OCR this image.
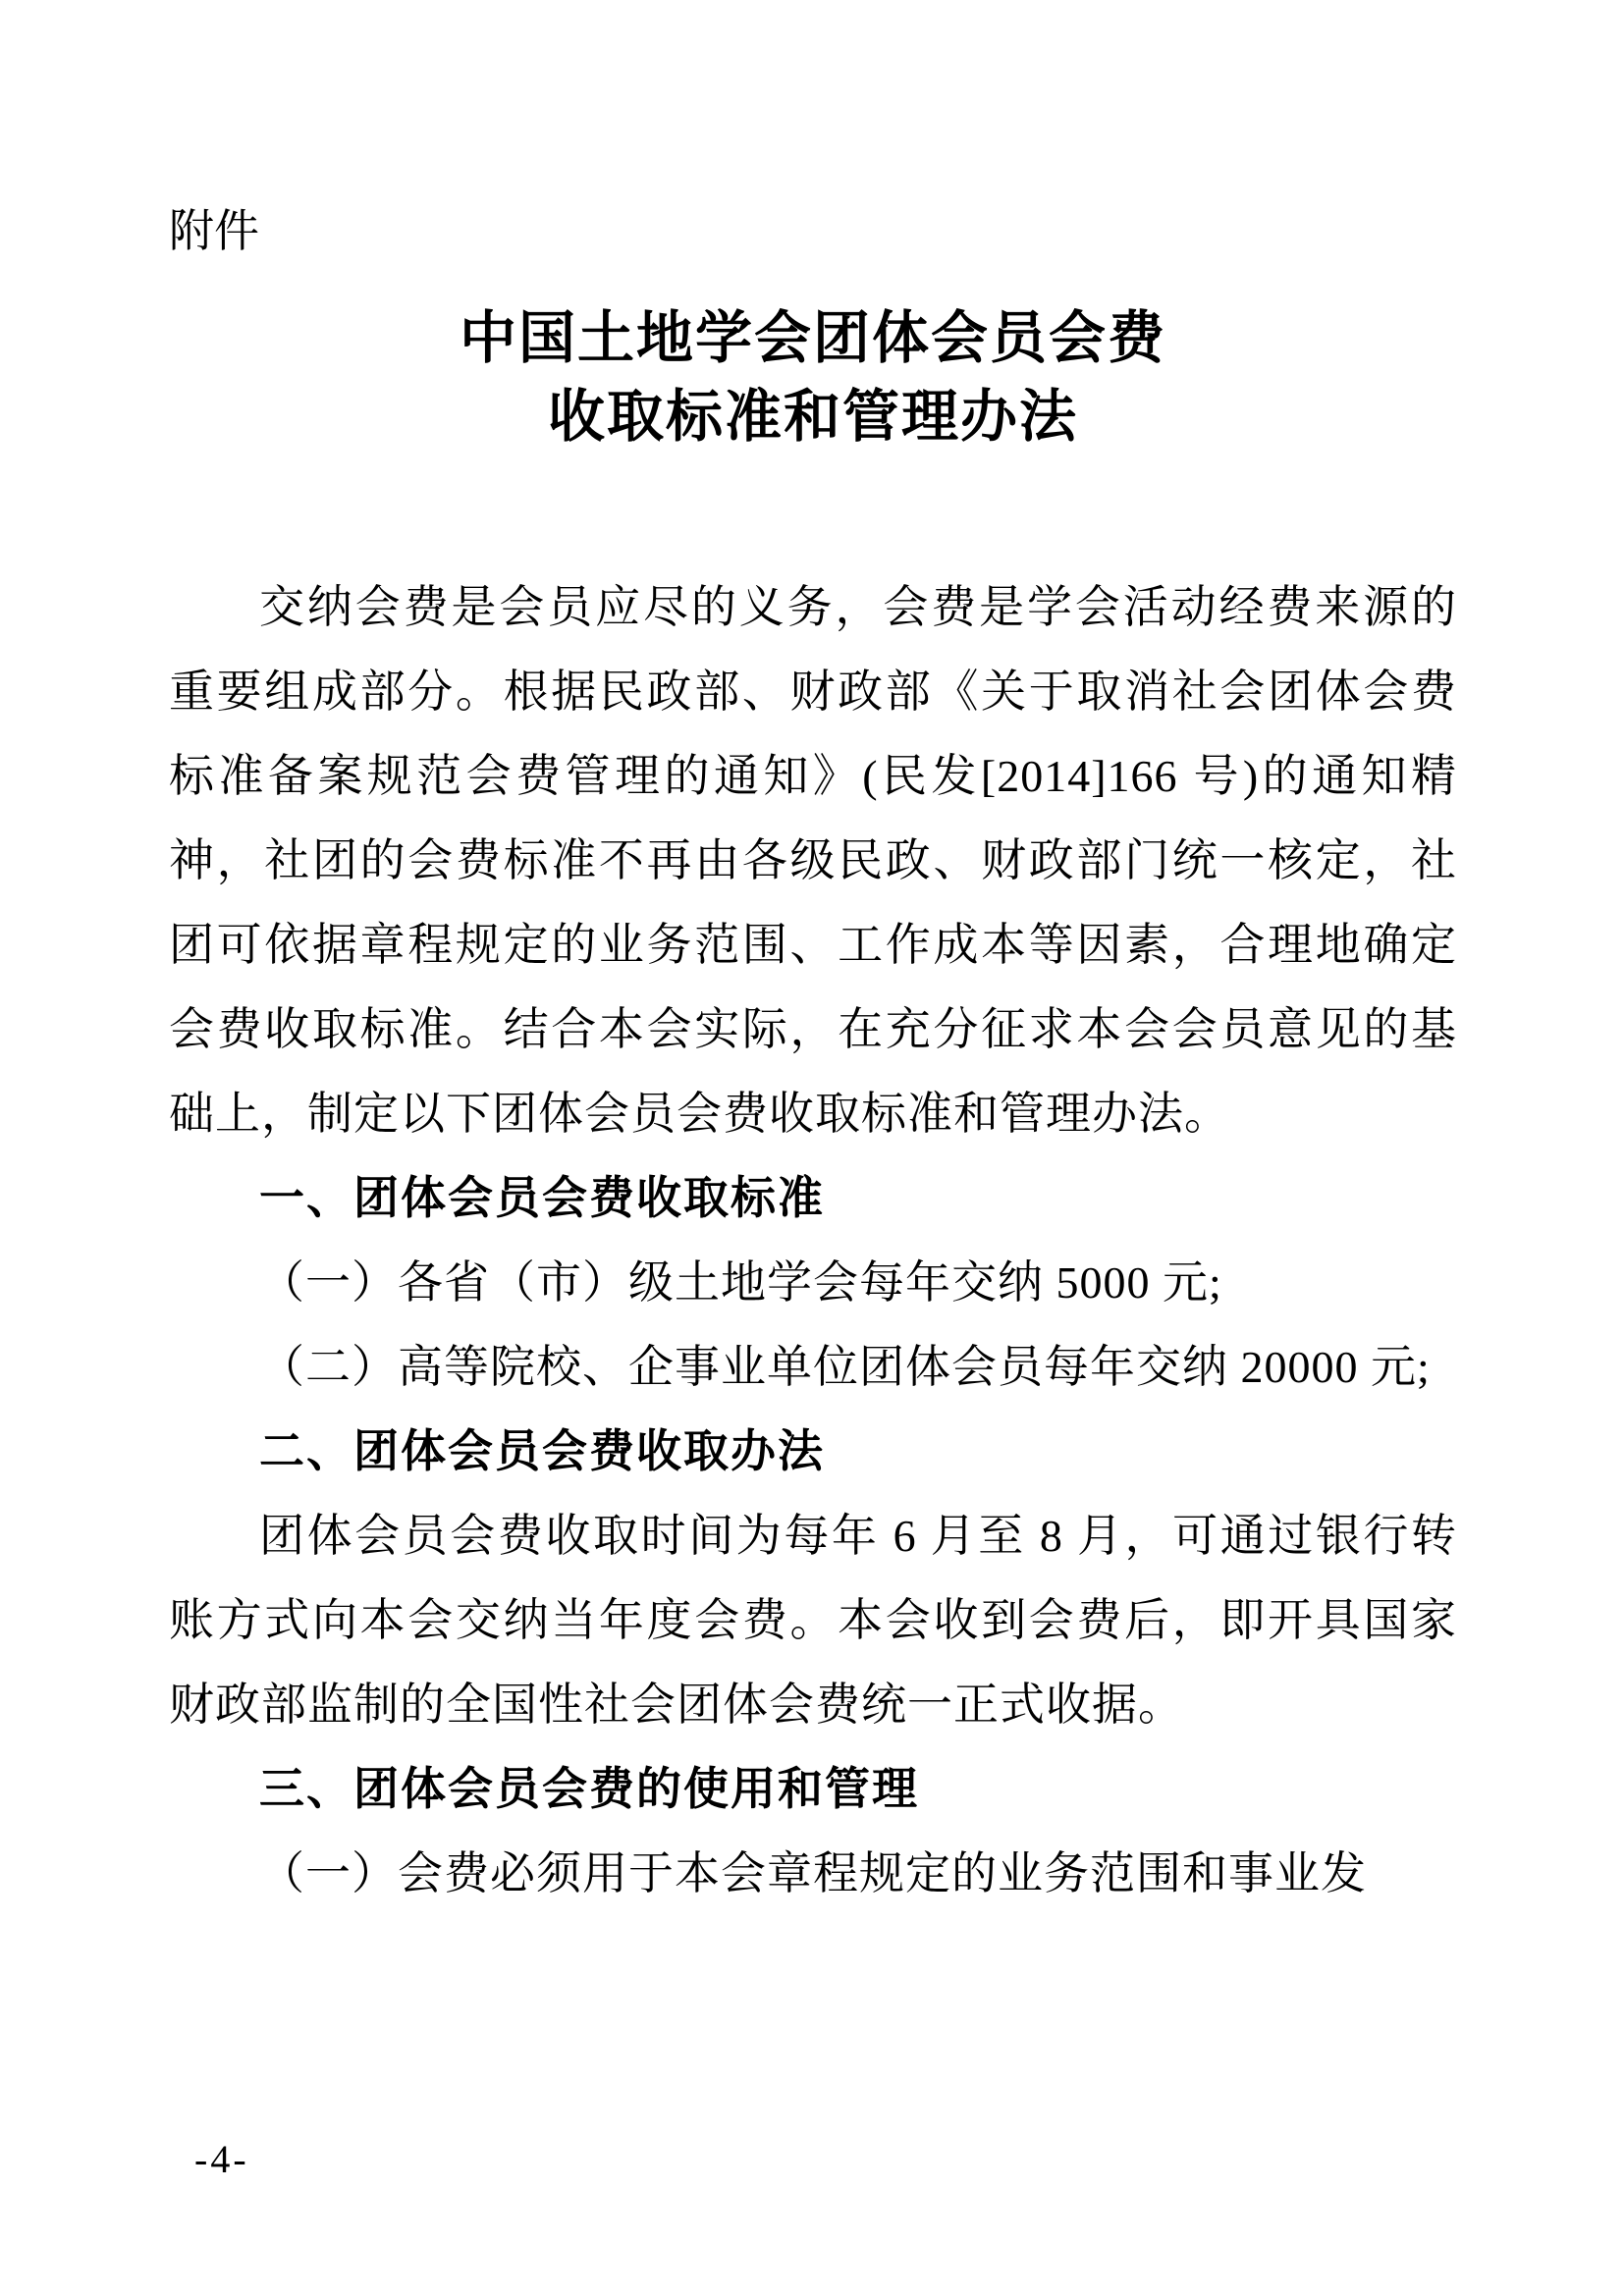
附件
中国土地学会团体会员会费
收取标准和管理办法

交纳会费是会员应尽的义务，会费是学会活动经费来源的重要组成部分。根据民政部、财政部《关于取消社会团体会费标准备案规范会费管理的通知》(民发[2014]166 号)的通知精神，社团的会费标准不再由各级民政、财政部门统一核定，社团可依据章程规定的业务范围、工作成本等因素，合理地确定会费收取标准。结合本会实际，在充分征求本会会员意见的基础上，制定以下团体会员会费收取标准和管理办法。

一、团体会员会费收取标准

（一）各省（市）级土地学会每年交纳 5000 元;

（二）高等院校、企事业单位团体会员每年交纳 20000 元;

二、团体会员会费收取办法

团体会员会费收取时间为每年 6 月至 8 月，可通过银行转账方式向本会交纳当年度会费。本会收到会费后，即开具国家财政部监制的全国性社会团体会费统一正式收据。

三、团体会员会费的使用和管理

（一）会费必须用于本会章程规定的业务范围和事业发

-4-
